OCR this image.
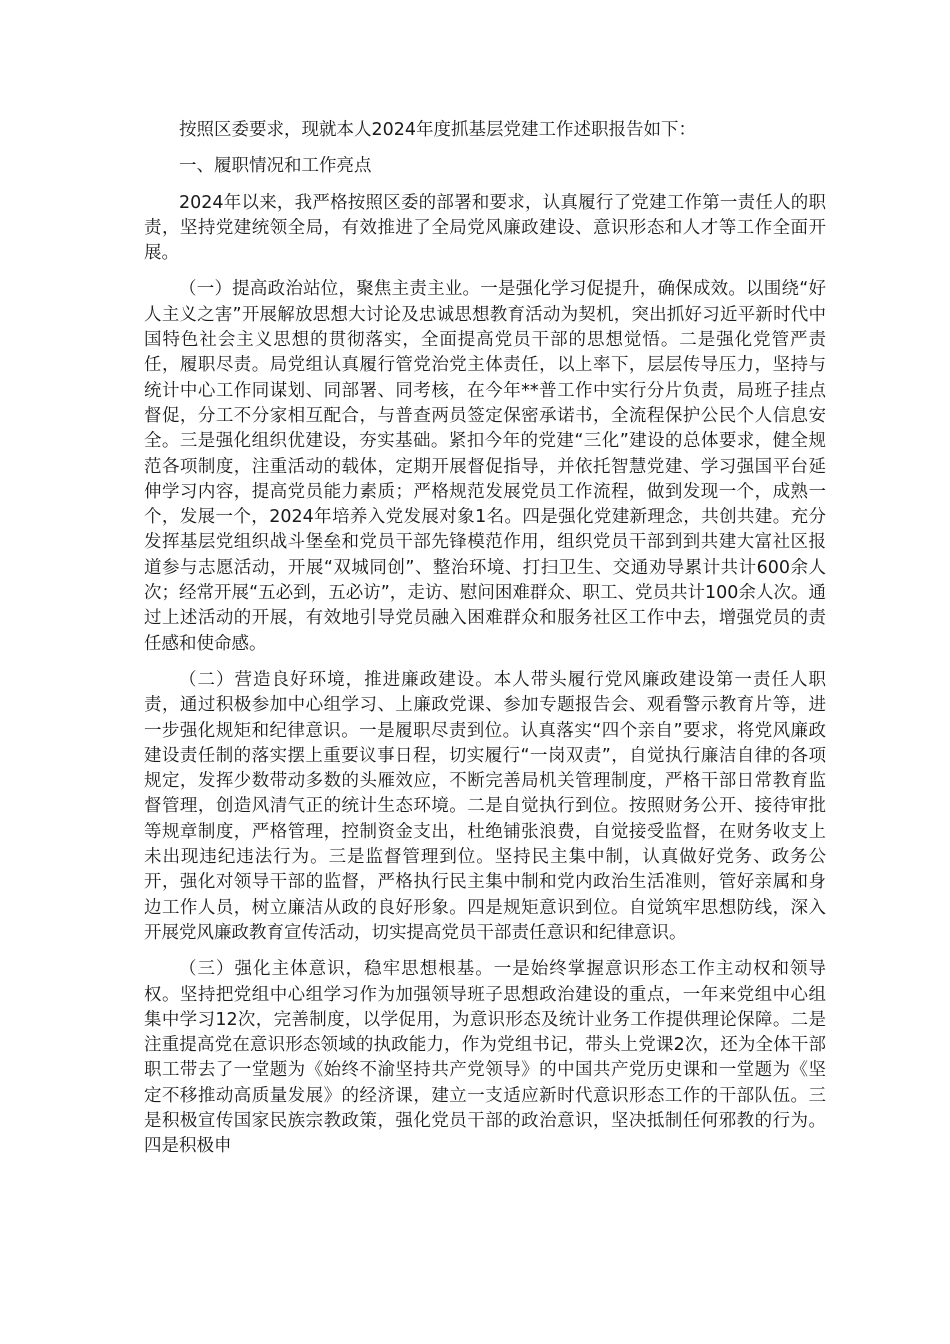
按照区委要求，现就本人2024年度抓基层党建工作述职报告如下：

一、履职情况和工作亮点

2024年以来，我严格按照区委的部署和要求，认真履行了党建工作第一责任人的职责，坚持党建统领全局，有效推进了全局党风廉政建设、意识形态和人才等工作全面开展。

（一）提高政治站位，聚焦主责主业。一是强化学习促提升，确保成效。以围绕“好人主义之害”开展解放思想大讨论及忠诚思想教育活动为契机，突出抓好习近平新时代中国特色社会主义思想的贯彻落实，全面提高党员干部的思想觉悟。二是强化党管严责任，履职尽责。局党组认真履行管党治党主体责任，以上率下，层层传导压力，坚持与统计中心工作同谋划、同部署、同考核，在今年**普工作中实行分片负责，局班子挂点督促，分工不分家相互配合，与普查两员签定保密承诺书，全流程保护公民个人信息安全。三是强化组织优建设，夯实基础。紧扣今年的党建“三化”建设的总体要求，健全规范各项制度，注重活动的载体，定期开展督促指导，并依托智慧党建、学习强国平台延伸学习内容，提高党员能力素质；严格规范发展党员工作流程，做到发现一个，成熟一个，发展一个，2024年培养入党发展对象1名。四是强化党建新理念，共创共建。充分发挥基层党组织战斗堡垒和党员干部先锋模范作用，组织党员干部到到共建大富社区报道参与志愿活动，开展“双城同创”、整治环境、打扫卫生、交通劝导累计共计600余人次；经常开展“五必到，五必访”，走访、慰问困难群众、职工、党员共计100余人次。通过上述活动的开展，有效地引导党员融入困难群众和服务社区工作中去，增强党员的责任感和使命感。

（二）营造良好环境，推进廉政建设。本人带头履行党风廉政建设第一责任人职责，通过积极参加中心组学习、上廉政党课、参加专题报告会、观看警示教育片等，进一步强化规矩和纪律意识。一是履职尽责到位。认真落实“四个亲自”要求，将党风廉政建设责任制的落实摆上重要议事日程，切实履行“一岗双责”，自觉执行廉洁自律的各项规定，发挥少数带动多数的头雁效应，不断完善局机关管理制度，严格干部日常教育监督管理，创造风清气正的统计生态环境。二是自觉执行到位。按照财务公开、接待审批等规章制度，严格管理，控制资金支出，杜绝铺张浪费，自觉接受监督，在财务收支上未出现违纪违法行为。三是监督管理到位。坚持民主集中制，认真做好党务、政务公开，强化对领导干部的监督，严格执行民主集中制和党内政治生活准则，管好亲属和身边工作人员，树立廉洁从政的良好形象。四是规矩意识到位。自觉筑牢思想防线，深入开展党风廉政教育宣传活动，切实提高党员干部责任意识和纪律意识。

（三）强化主体意识，稳牢思想根基。一是始终掌握意识形态工作主动权和领导权。坚持把党组中心组学习作为加强领导班子思想政治建设的重点，一年来党组中心组集中学习12次，完善制度，以学促用，为意识形态及统计业务工作提供理论保障。二是注重提高党在意识形态领域的执政能力，作为党组书记，带头上党课2次，还为全体干部职工带去了一堂题为《始终不渝坚持共产党领导》的中国共产党历史课和一堂题为《坚定不移推动高质量发展》的经济课，建立一支适应新时代意识形态工作的干部队伍。三是积极宣传国家民族宗教政策，强化党员干部的政治意识，坚决抵制任何邪教的行为。四是积极申
